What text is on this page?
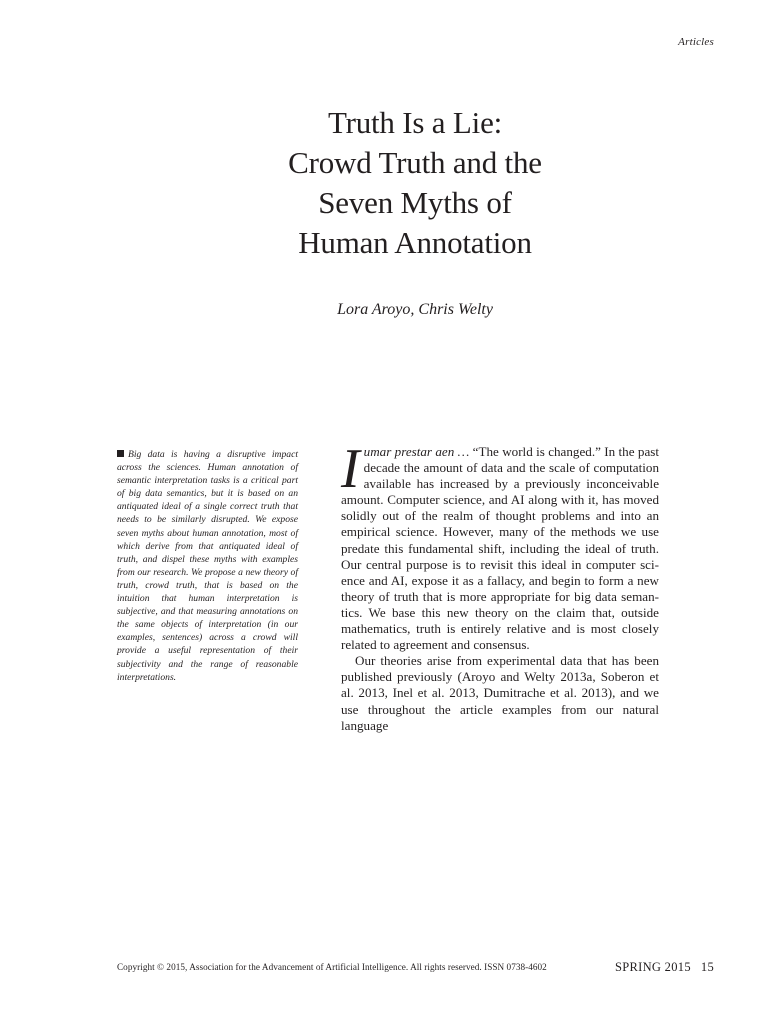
Articles
Truth Is a Lie:
Crowd Truth and the
Seven Myths of
Human Annotation
Lora Aroyo, Chris Welty
Big data is having a disruptive impact across the sciences. Human annotation of semantic interpretation tasks is a critical part of big data semantics, but it is based on an antiquated ideal of a single correct truth that needs to be similarly disrupted. We expose seven myths about human annotation, most of which derive from that antiquated ideal of truth, and dispel these myths with examples from our research. We propose a new theory of truth, crowd truth, that is based on the intuition that human interpretation is subjective, and that measuring annotations on the same objects of interpretation (in our examples, sentences) across a crowd will provide a useful representation of their subjectivity and the range of reasonable interpretations.

Iumar prestar aen … “The world is changed.” In the past decade the amount of data and the scale of computation available has increased by a previously inconceivable amount. Computer science, and AI along with it, has moved solidly out of the realm of thought problems and into an empirical science. However, many of the methods we use predate this fundamental shift, including the ideal of truth. Our central purpose is to revisit this ideal in computer science and AI, expose it as a fallacy, and begin to form a new theory of truth that is more appropriate for big data semantics. We base this new theory on the claim that, outside mathematics, truth is entirely relative and is most closely related to agreement and consensus.

Our theories arise from experimental data that has been published previously (Aroyo and Welty 2013a, Soberon et al. 2013, Inel et al. 2013, Dumitrache et al. 2013), and we use throughout the article examples from our natural language

Copyright © 2015, Association for the Advancement of Artificial Intelligence. All rights reserved. ISSN 0738-4602	SPRING 2015 15
